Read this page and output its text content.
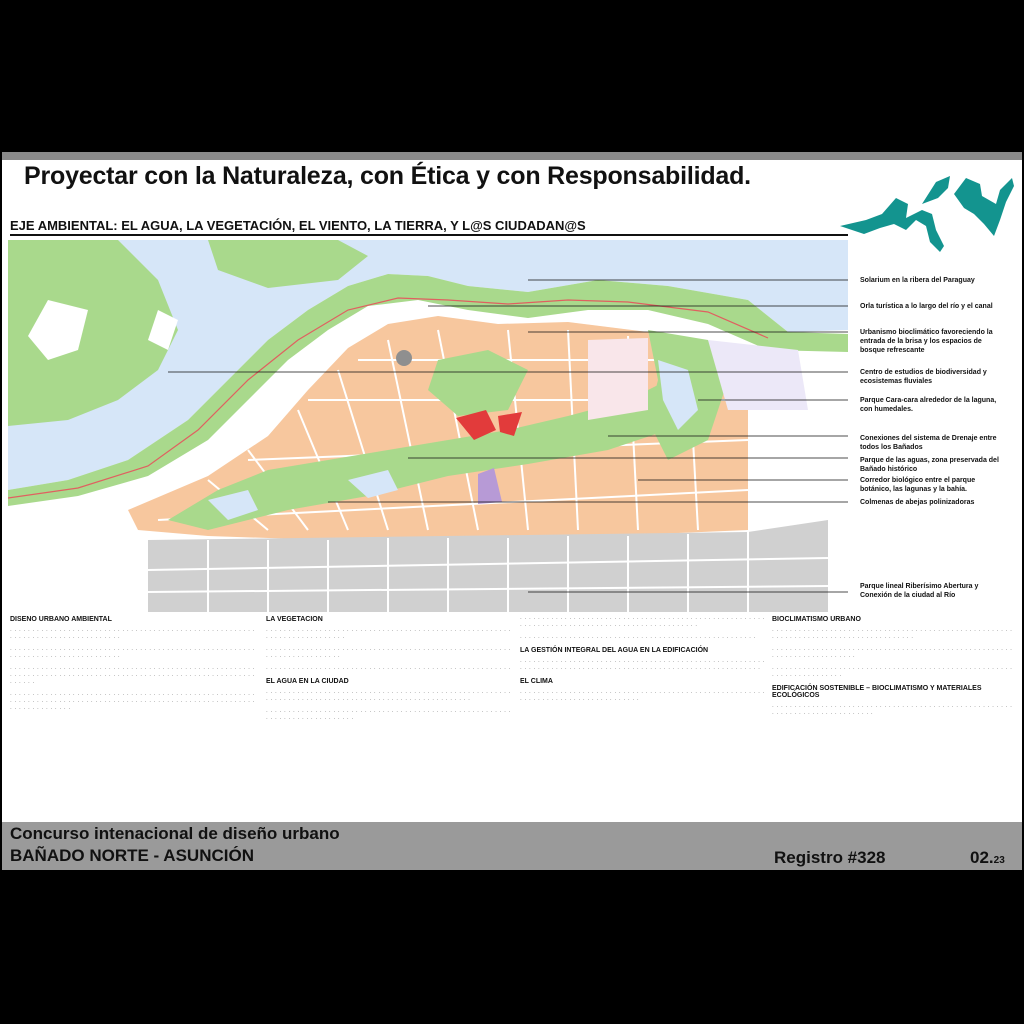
Proyectar con la Naturaleza, con Ética y con Responsabilidad.
EJE AMBIENTAL: EL AGUA, LA VEGETACIÓN, EL VIENTO, LA TIERRA, Y L@S CIUDADAN@S
Solarium en la ribera del Paraguay
Orla turística a lo largo del río y el canal
Urbanismo bioclimático favoreciendo la entrada de la brisa y los espacios de bosque refrescante
Centro de estudios de biodiversidad y ecosistemas fluviales
Parque Cara-cara alrededor de la laguna, con humedales.
Conexiones del sistema de Drenaje entre todos los Bañados
Parque de las aguas, zona preservada del Bañado histórico
Corredor biológico entre el parque botánico, las lagunas y la bahía.
Colmenas de abejas polinizadoras
Parque lineal Riberísimo Abertura y Conexión de la ciudad al Río
DISEÑO URBANO AMBIENTAL

· · · · · · · · · · · · · · · · · · · · · · · · · · · · · · · · · · · · · · · · · · · · · · · · · · · · · · · · · · · · · · · · · · · · · · · · · · · · · · · ·

· · · · · · · · · · · · · · · · · · · · · · · · · · · · · · · · · · · · · · · · · · · · · · · · · · · · · · · · · · · · · · · · · · · · · · · · · · · · · · · ·

· · · · · · · · · · · · · · · · · · · · · · · · · · · · · · · · · · · · · · · · · · · · · · · · · · · · · · · · · · · · · · · · · · · · · · · · · · · · · · · · · · · · · · · · · · · · · · · · · · · · · · · · · · · · · · · · · · · ·

· · · · · · · · · · · · · · · · · · · · · · · · · · · · · · · · · · · · · · · · · · · · · · · · · · · · · · · · · · · · · · · · · · · · · · · · · · · · · · · · · · · · · · · · · · · · · · · · · · · · · · · · · · · · · · · · · · · · · · · · · · · ·

LA VEGETACIÓN

· · · · · · · · · · · · · · · · · · · · · · · · · · · · · · · · · · · · · · · · · · · · · · · · · · · · · · · · · · · · · · · · · · · · · · · · ·

· · · · · · · · · · · · · · · · · · · · · · · · · · · · · · · · · · · · · · · · · · · · · · · · · · · · · · · · · · · · · · · · · · · · · · · ·

· · · · · · · · · · · · · · · · · · · · · · · · · · · · · · · · · · · · · · · · · · · · · · · · · · · · · · ·

EL AGUA EN LA CIUDAD

· · · · · · · · · · · · · · · · · · · · · · · · · · · · · · · · · · · · · · · · · · · · · · · · · · · · · · · · · · · · · · · · · · · · · · · · · · · · · · · · · · · · · · · · · · · · · · · · · · · · ·

· · · · · · · · · · · · · · · · · · · · · · · · · · · · · · · · · · · · · · · · · · · · · · · · · · · · · · · · · · · · · · · · · · · · · · · · · · ·

· · · · · · · · · · · · · · · · · · · · · · · · · · · · · · · · · · · · · · · · · · · · · · · · · · · · · · · · · · · · · · · · · · · · · · · · · · · · · · · · · · · · · · · · · · · · · · ·

· · · · · · · · · · · · · · · · · · · · · · · · · · · · · · · · · · · · · · · · · · · · · · · · · · · · ·

LA GESTIÓN INTEGRAL DEL AGUA EN LA EDIFICACIÓN

· · · · · · · · · · · · · · · · · · · · · · · · · · · · · · · · · · · · · · · · · · · · · · · · · · · · · · · · · · · · · · · · · · · · · · · · · · · · · · · · · · · · · · · · · · · · · · · · · · · · · · · · · · · · ·

EL CLIMA

· · · · · · · · · · · · · · · · · · · · · · · · · · · · · · · · · · · · · · · · · · · · · · · · · · · · · · · · · · · · · · · · · · · · · · · · · · · · · · · · · ·

BIOCLIMATISMO URBANO

· · · · · · · · · · · · · · · · · · · · · · · · · · · · · · · · · · · · · · · · · · · · · · · · · · · · · · · · · · · · · · · · · · · · · · · · · · · · · · · · · · · · · ·

· · · · · · · · · · · · · · · · · · · · · · · · · · · · · · · · · · · · · · · · · · · · · · · · · · · · · · · · · · · · · · · · · · · · · · · · ·

· · · · · · · · · · · · · · · · · · · · · · · · · · · · · · · · · · · · · · · · · · · · · · · · · · · · · · · · · · · · · · · · · · · · · ·

EDIFICACIÓN SOSTENIBLE – BIOCLIMATISMO Y MATERIALES ECOLÓGICOS

· · · · · · · · · · · · · · · · · · · · · · · · · · · · · · · · · · · · · · · · · · · · · · · · · · · · · · · · · · · · · · · · · · · · · · · · · · · · ·

Concurso intenacional de diseño urbano
BAÑADO NORTE - ASUNCIÓN	Registro #328	02.23
